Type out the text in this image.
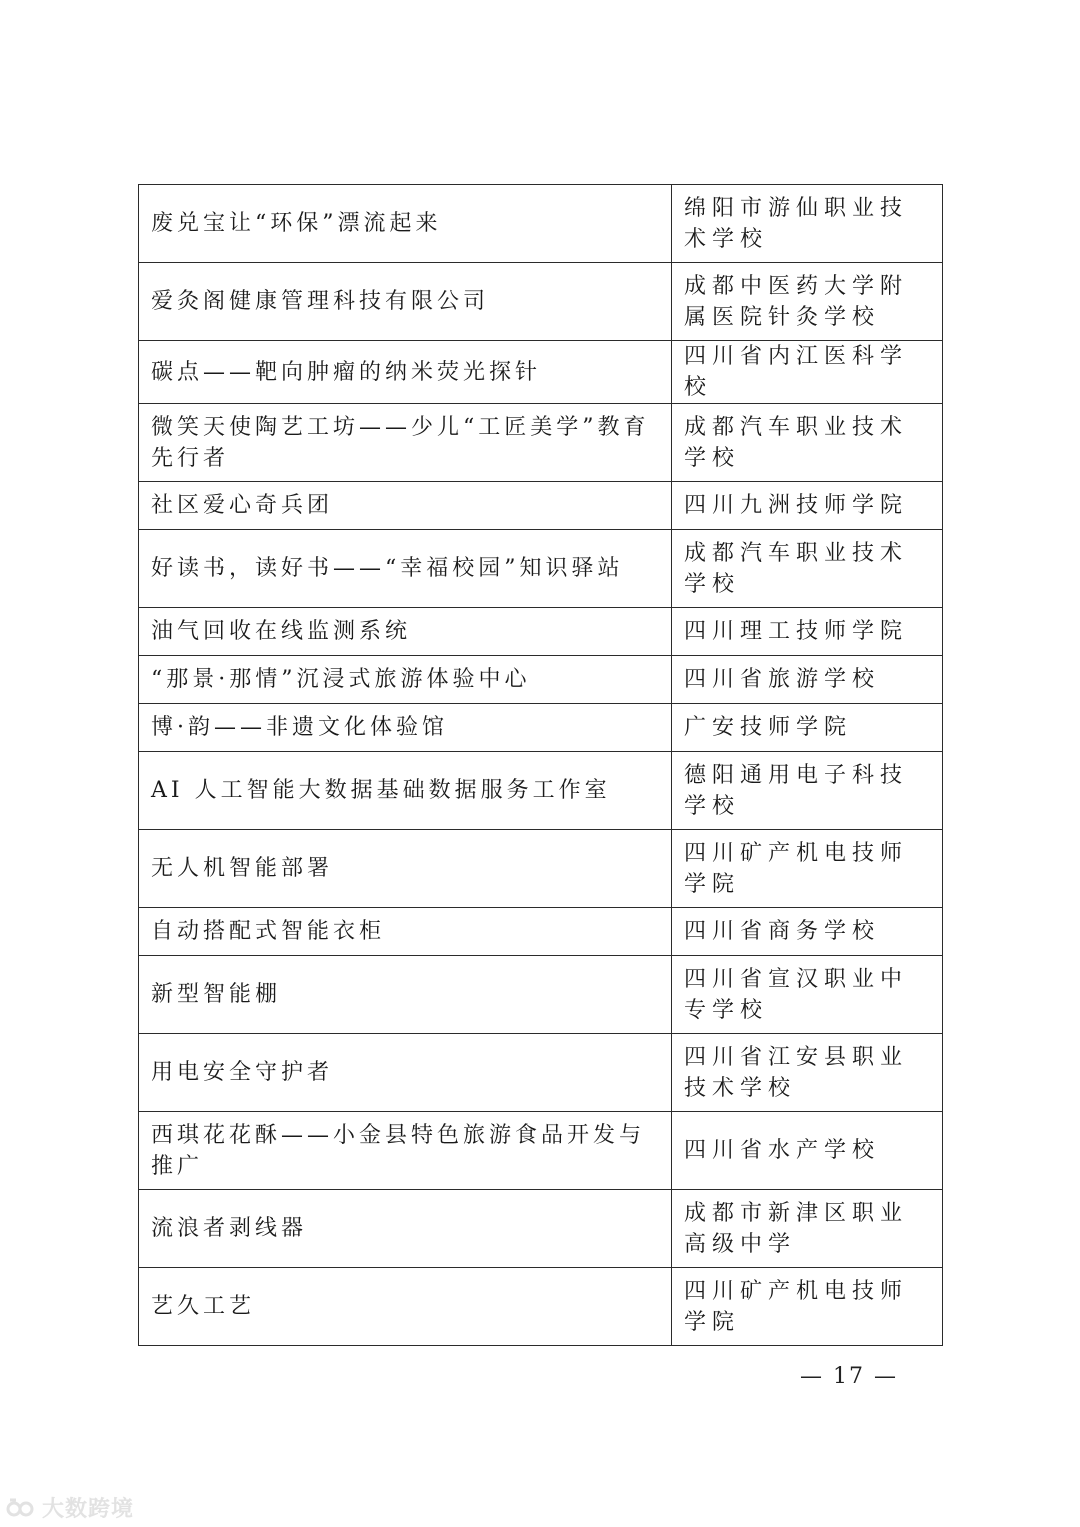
废兑宝让“环保”漂流起来	绵阳市游仙职业技术学校
爱灸阁健康管理科技有限公司	成都中医药大学附属医院针灸学校
碳点——靶向肿瘤的纳米荧光探针	四川省内江医科学校
微笑天使陶艺工坊——少儿“工匠美学”教育先行者	成都汽车职业技术学校
社区爱心奇兵团	四川九洲技师学院
好读书，读好书——“幸福校园”知识驿站	成都汽车职业技术学校
油气回收在线监测系统	四川理工技师学院
“那景·那情”沉浸式旅游体验中心	四川省旅游学校
博·韵——非遗文化体验馆	广安技师学院
AI 人工智能大数据基础数据服务工作室	德阳通用电子科技学校
无人机智能部署	四川矿产机电技师学院
自动搭配式智能衣柜	四川省商务学校
新型智能棚	四川省宣汉职业中专学校
用电安全守护者	四川省江安县职业技术学校
西琪花花酥——小金县特色旅游食品开发与推广	四川省水产学校
流浪者剥线器	成都市新津区职业高级中学
艺久工艺	四川矿产机电技师学院
— 17 —
大数跨境
